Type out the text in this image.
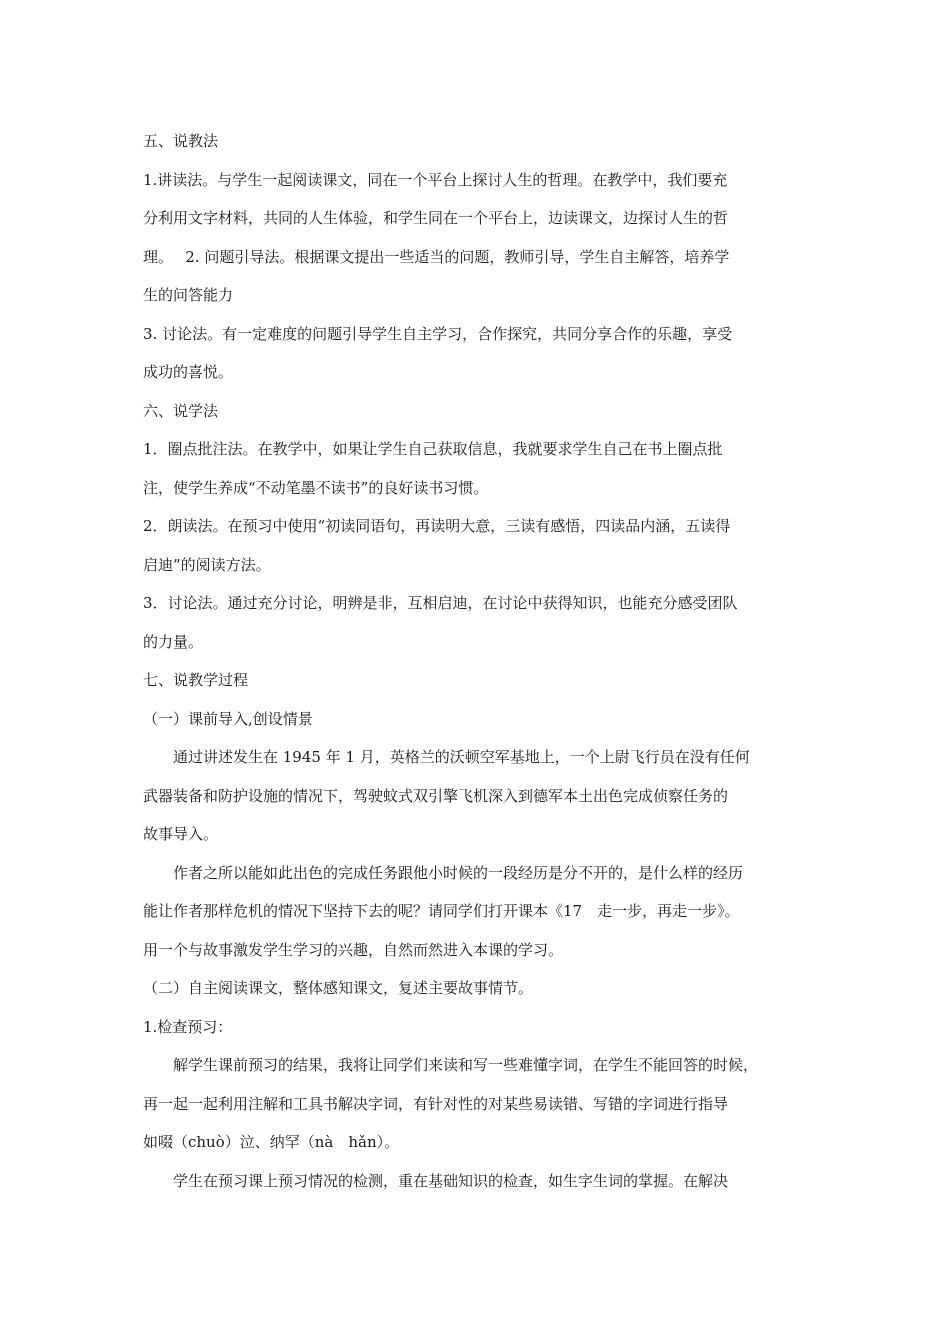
五、说教法

1.讲读法。与学生一起阅读课文，同在一个平台上探讨人生的哲理。在教学中，我们要充

分利用文字材料，共同的人生体验，和学生同在一个平台上，边读课文，边探讨人生的哲

理。　 2. 问题引导法。根据课文提出一些适当的问题，教师引导，学生自主解答，培养学

生的问答能力

3. 讨论法。有一定难度的问题引导学生自主学习，合作探究，共同分享合作的乐趣，享受

成功的喜悦。

六、说学法

1．圈点批注法。在教学中，如果让学生自己获取信息，我就要求学生自己在书上圈点批

注，使学生养成“不动笔墨不读书”的良好读书习惯。

2．朗读法。在预习中使用“初读同语句，再读明大意，三读有感悟，四读品内涵，五读得

启迪”的阅读方法。

3．讨论法。通过充分讨论，明辨是非，互相启迪，在讨论中获得知识，也能充分感受团队

的力量。

七、说教学过程

（一）课前导入,创设情景

通过讲述发生在 1945 年 1 月，英格兰的沃顿空军基地上，一个上尉飞行员在没有任何

武器装备和防护设施的情况下，驾驶蚊式双引擎飞机深入到德军本土出色完成侦察任务的

故事导入。

作者之所以能如此出色的完成任务跟他小时候的一段经历是分不开的，是什么样的经历

能让作者那样危机的情况下坚持下去的呢？请同学们打开课本《17　走一步，再走一步》。

用一个与故事激发学生学习的兴趣，自然而然进入本课的学习。

（二）自主阅读课文，整体感知课文，复述主要故事情节。

1.检查预习：

解学生课前预习的结果，我将让同学们来读和写一些难懂字词，在学生不能回答的时候，

再一起一起利用注解和工具书解决字词，有针对性的对某些易读错、写错的字词进行指导

如啜（chuò）泣、纳罕（nà　hǎn）。

学生在预习课上预习情况的检测，重在基础知识的检查，如生字生词的掌握。在解决
